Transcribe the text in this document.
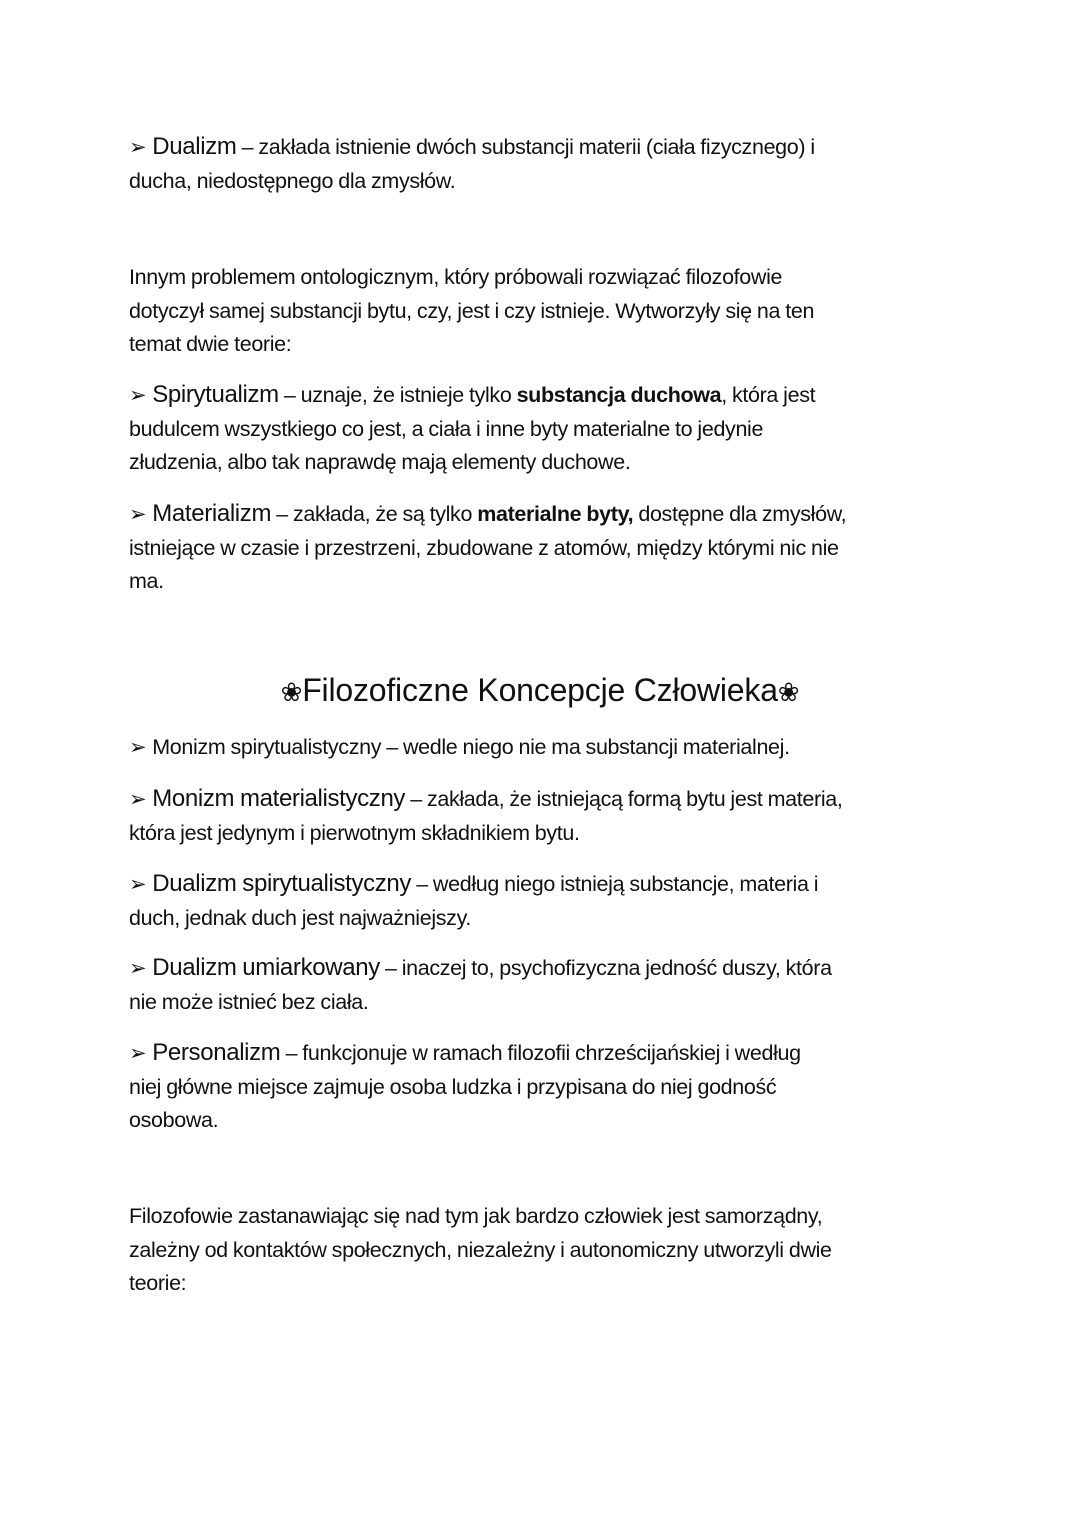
➢ Dualizm – zakłada istnienie dwóch substancji materii (ciała fizycznego) i
ducha, niedostępnego dla zmysłów.
Innym problemem ontologicznym, który próbowali rozwiązać filozofowie
dotyczył samej substancji bytu, czy, jest i czy istnieje. Wytworzyły się na ten
temat dwie teorie:
➢ Spirytualizm – uznaje, że istnieje tylko substancja duchowa, która jest
budulcem wszystkiego co jest, a ciała i inne byty materialne to jedynie
złudzenia, albo tak naprawdę mają elementy duchowe.
➢ Materializm – zakłada, że są tylko materialne byty, dostępne dla zmysłów,
istniejące w czasie i przestrzeni, zbudowane z atomów, między którymi nic nie
ma.
❀Filozoficzne Koncepcje Człowieka❀
➢ Monizm spirytualistyczny – wedle niego nie ma substancji materialnej.
➢ Monizm materialistyczny – zakłada, że istniejącą formą bytu jest materia,
która jest jedynym i pierwotnym składnikiem bytu.
➢ Dualizm spirytualistyczny – według niego istnieją substancje, materia i
duch, jednak duch jest najważniejszy.
➢ Dualizm umiarkowany – inaczej to, psychofizyczna jedność duszy, która
nie może istnieć bez ciała.
➢ Personalizm – funkcjonuje w ramach filozofii chrześcijańskiej i według
niej główne miejsce zajmuje osoba ludzka i przypisana do niej godność
osobowa.
Filozofowie zastanawiając się nad tym jak bardzo człowiek jest samorządny,
zależny od kontaktów społecznych, niezależny i autonomiczny utworzyli dwie
teorie:
